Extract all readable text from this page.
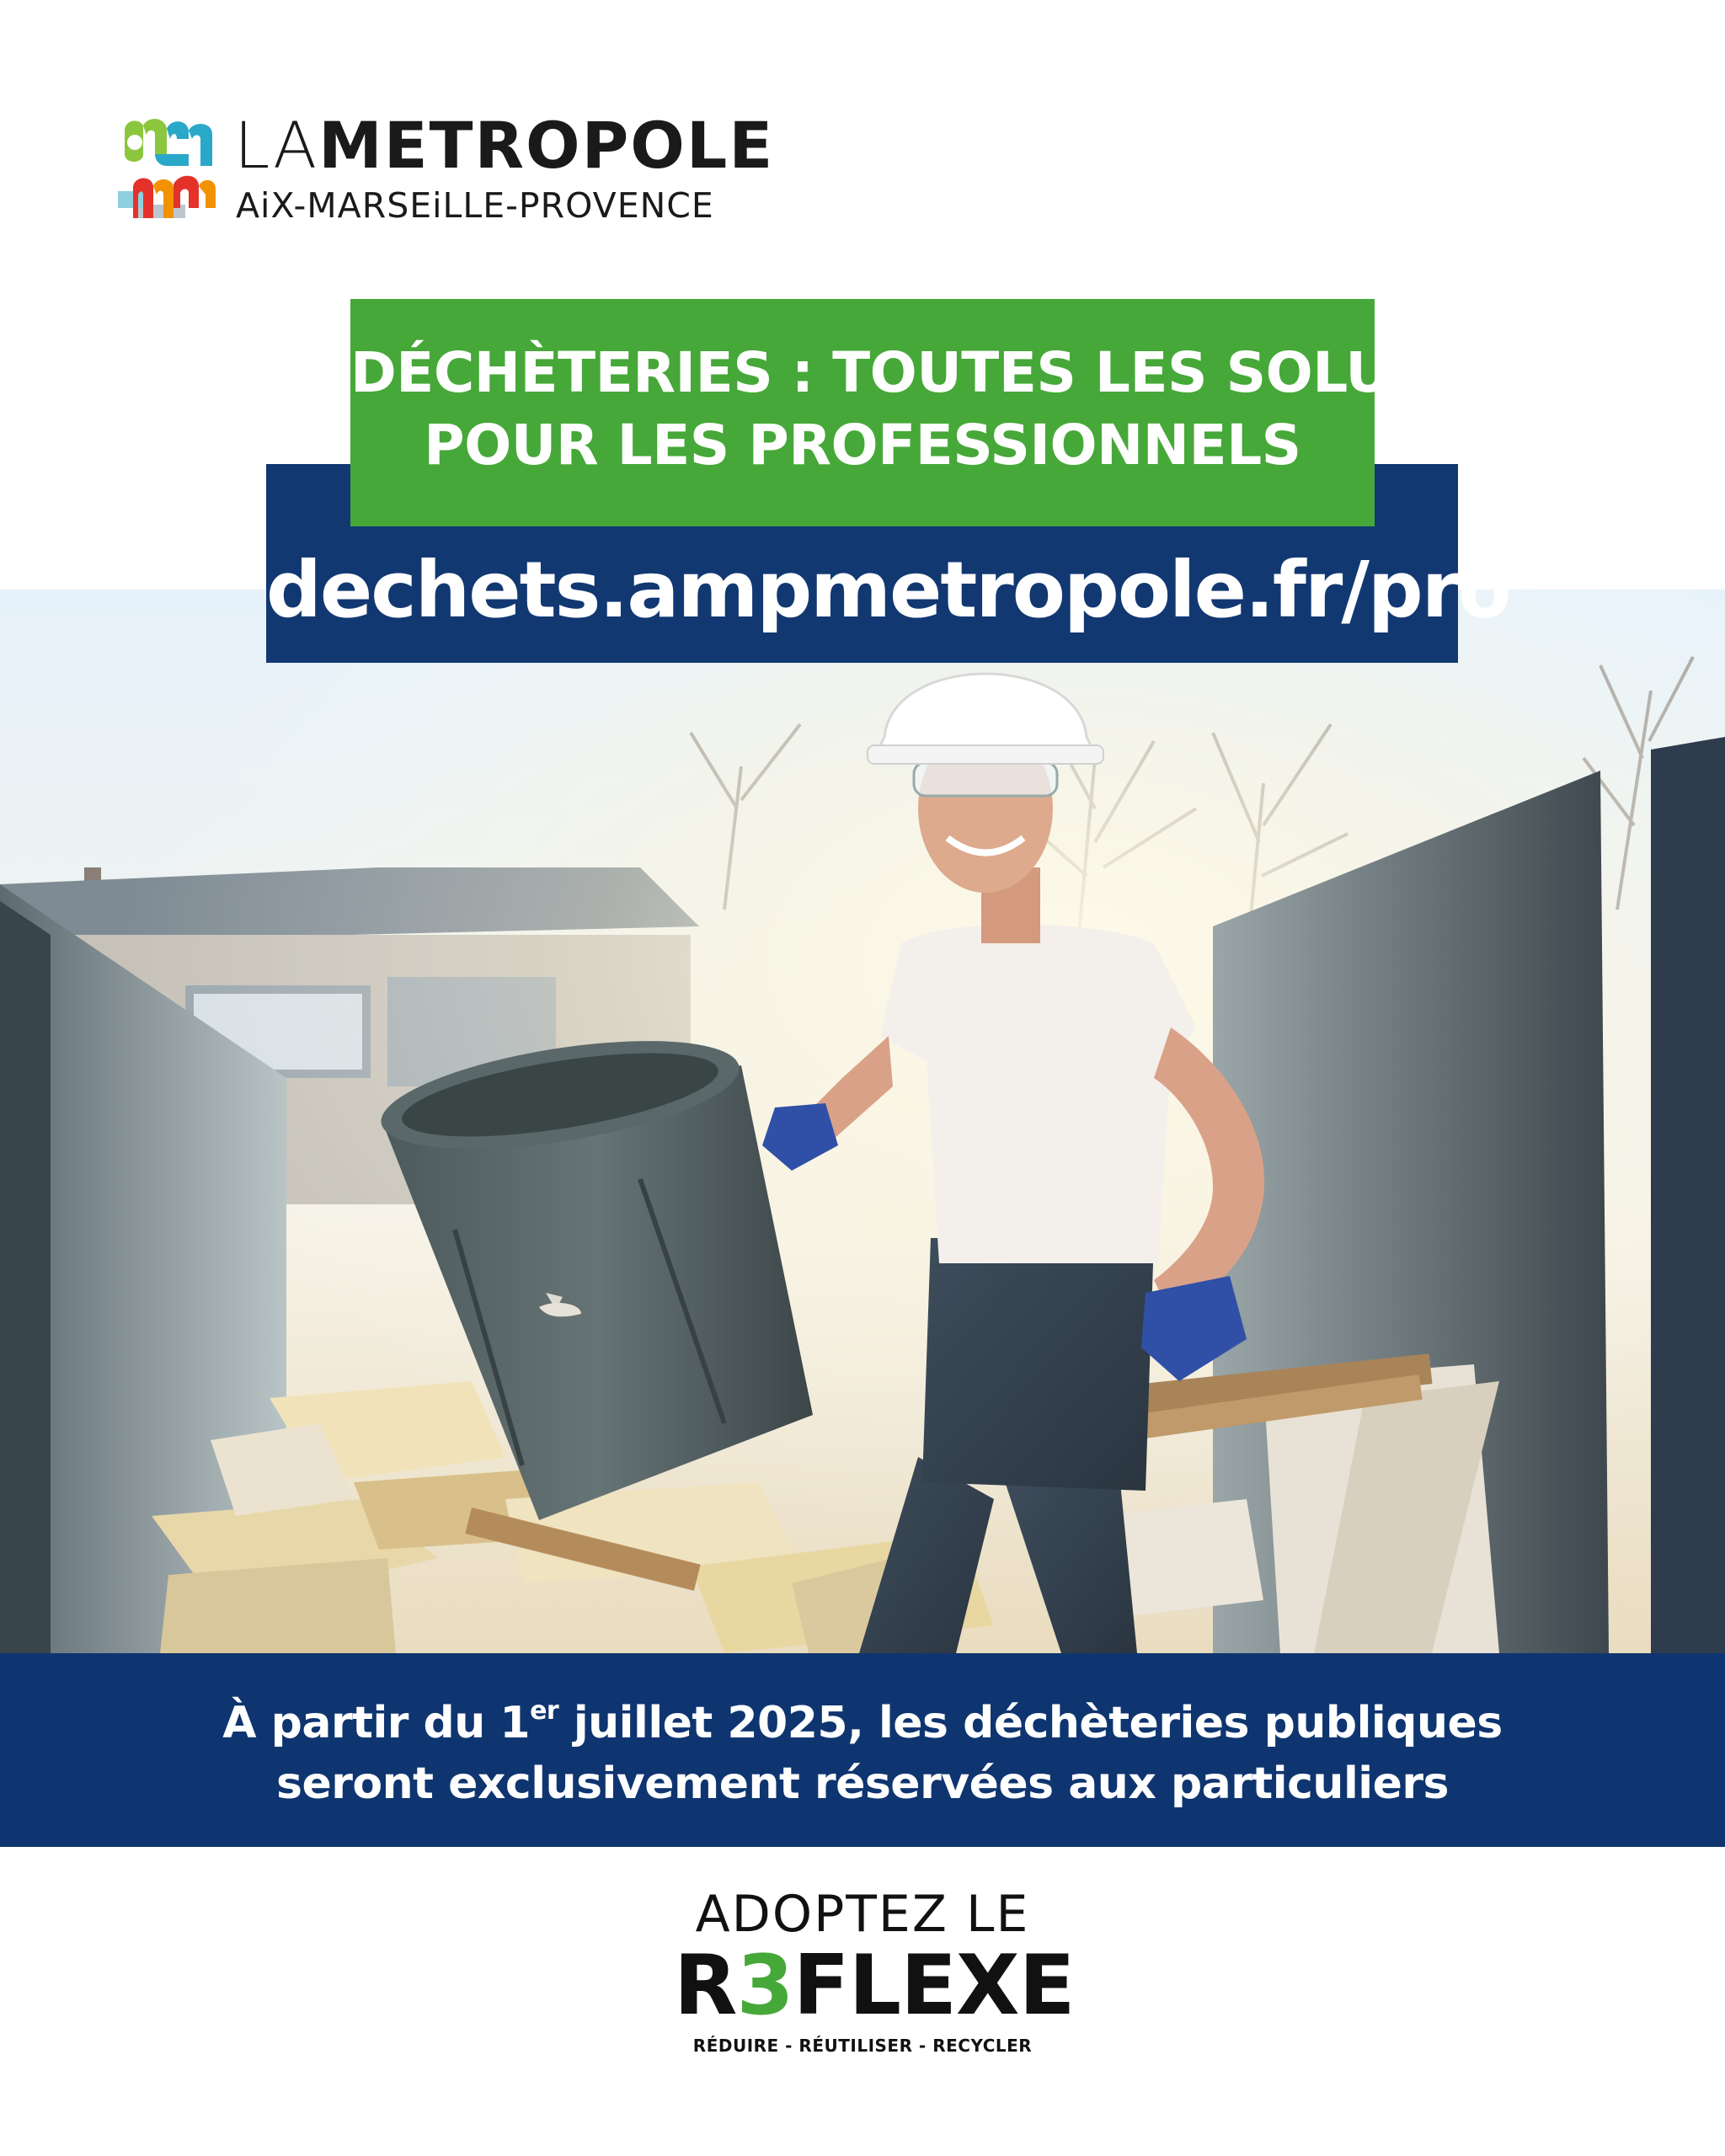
LAMETROPOLE
AiX-MARSEiLLE-PROVENCE
dechets.ampmetropole.fr/pro
DÉCHÈTERIES : TOUTES LES SOLUTIONS
POUR LES PROFESSIONNELS
À partir du 1er juillet 2025, les déchèteries publiques
seront exclusivement réservées aux particuliers
ADOPTEZ LE
R3FLEXE
RÉDUIRE - RÉUTILISER - RECYCLER
